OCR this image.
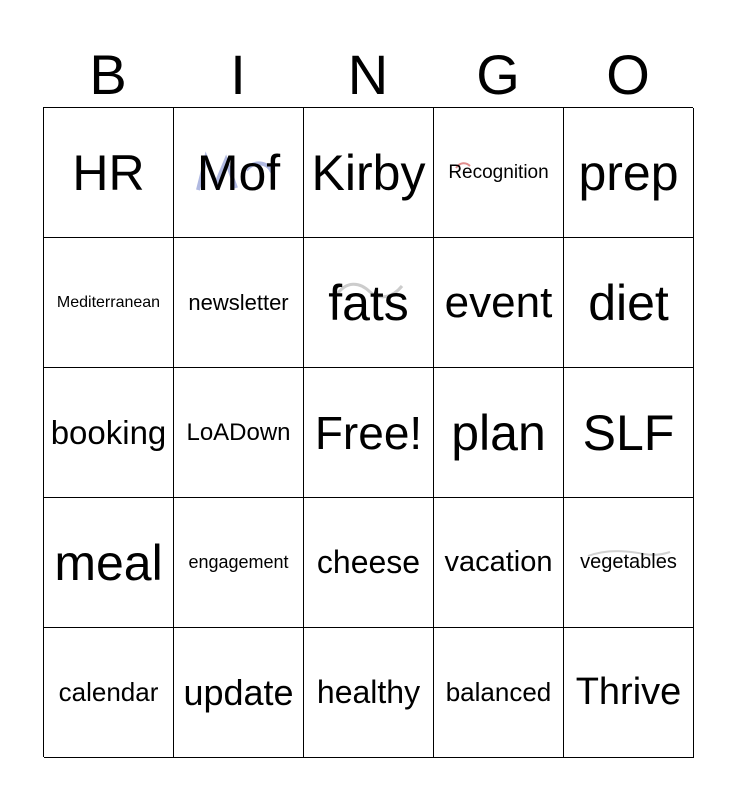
B	I	N	G	O
HR Mof Kirby Recognition prep
Mediterranean newsletter fats event diet
booking LoADown Free! plan SLF
meal engagement cheese vacation vegetables
calendar update healthy balanced Thrive
